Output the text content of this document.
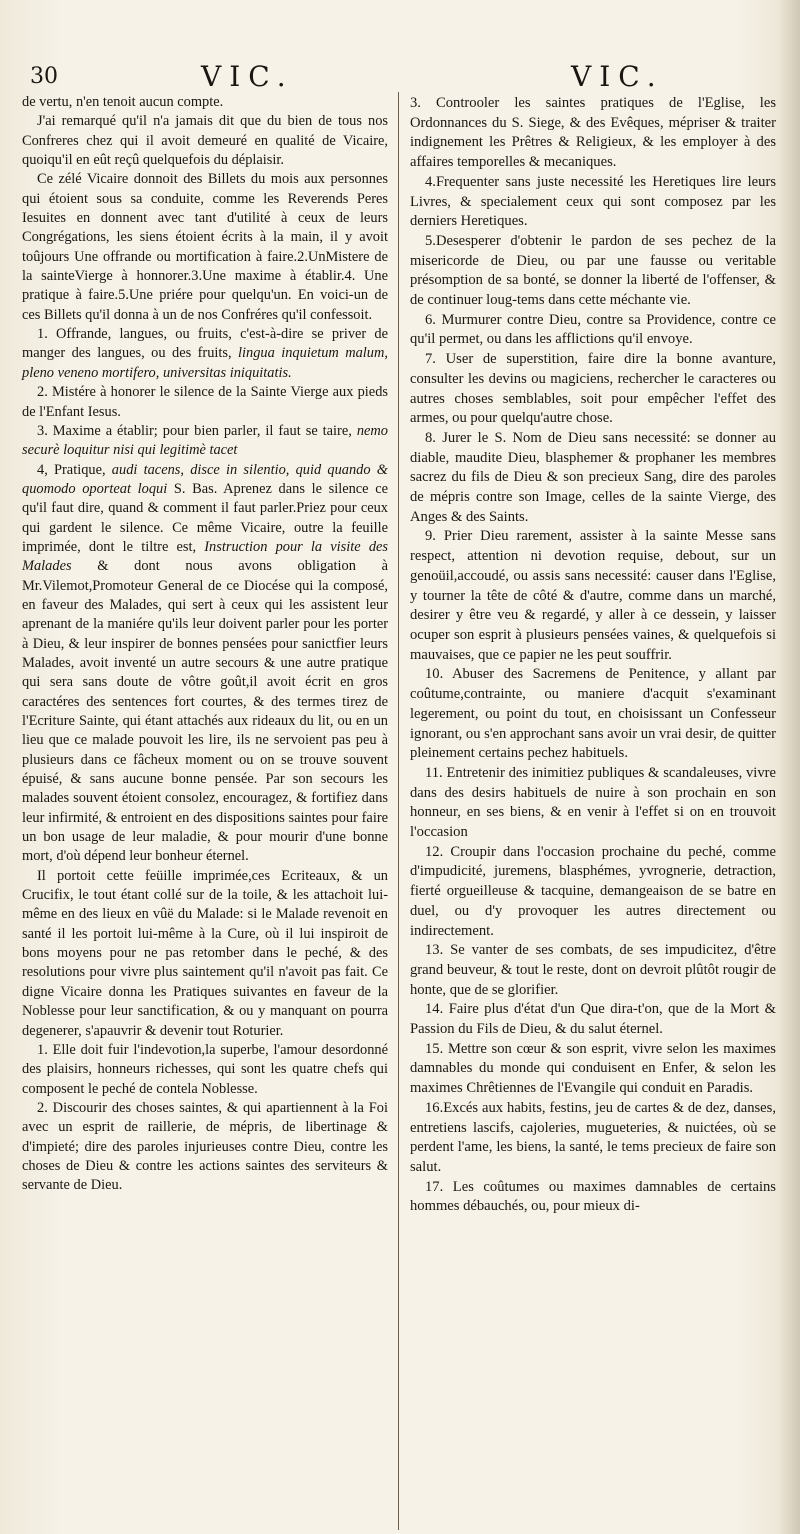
30	VIC.	VIC.

de vertu, n'en tenoit aucun compte.

J'ai remarqué qu'il n'a jamais dit que du bien de tous nos Confreres chez qui il avoit demeuré en qualité de Vicaire, quoiqu'il en eût reçû quelquefois du déplaisir.

Ce zélé Vicaire donnoit des Billets du mois aux personnes qui étoient sous sa conduite, comme les Reverends Peres Iesuites en donnent avec tant d'utilité à ceux de leurs Congrégations, les siens étoient écrits à la main, il y avoit toûjours Une offrande ou mortification à faire.2.UnMistere de la sainteVierge à honnorer.3.Une maxime à établir.4. Une pratique à faire.5.Une priére pour quelqu'un. En voici-un de ces Billets qu'il donna à un de nos Confréres qu'il confessoit.

1. Offrande, langues, ou fruits, c'est-à-dire se priver de manger des langues, ou des fruits, lingua inquietum malum, pleno veneno mortifero, universitas iniquitatis.

2. Mistére à honorer le silence de la Sainte Vierge aux pieds de l'Enfant Iesus.

3. Maxime a établir; pour bien parler, il faut se taire, nemo securè loquitur nisi qui legitimè tacet

4, Pratique, audi tacens, disce in silentio, quid quando & quomodo oporteat loqui S. Bas. Aprenez dans le silence ce qu'il faut dire, quand & comment il faut parler.Priez pour ceux qui gardent le silence. Ce même Vicaire, outre la feuille imprimée, dont le tiltre est, Instruction pour la visite des Malades & dont nous avons obligation à Mr.Vilemot,Promoteur General de ce Diocése qui la composé, en faveur des Malades, qui sert à ceux qui les assistent leur aprenant de la maniére qu'ils leur doivent parler pour les porter à Dieu, & leur inspirer de bonnes pensées pour sanictfier leurs Malades, avoit inventé un autre secours & une autre pratique qui sera sans doute de vôtre goût,il avoit écrit en gros caractéres des sentences fort courtes, & des termes tirez de l'Ecriture Sainte, qui étant attachés aux rideaux du lit, ou en un lieu que ce malade pouvoit les lire, ils ne servoient pas peu à plusieurs dans ce fâcheux moment ou on se trouve souvent épuisé, & sans aucune bonne pensée. Par son secours les malades souvent étoient consolez, encouragez, & fortifiez dans leur infirmité, & entroient en des dispositions saintes pour faire un bon usage de leur maladie, & pour mourir d'une bonne mort, d'où dépend leur bonheur éternel.

Il portoit cette feüille imprimée,ces Ecriteaux, & un Crucifix, le tout étant collé sur de la toile, & les attachoit lui-même en des lieux en vûë du Malade: si le Malade revenoit en santé il les portoit lui-même à la Cure, où il lui inspiroit de bons moyens pour ne pas retomber dans le peché, & des resolutions pour vivre plus saintement qu'il n'avoit pas fait. Ce digne Vicaire donna les Pratiques suivantes en faveur de la Noblesse pour leur sanctification, & ou y manquant on pourra degenerer, s'apauvrir & devenir tout Roturier.

1. Elle doit fuir l'indevotion,la superbe, l'amour desordonné des plaisirs, honneurs richesses, qui sont les quatre chefs qui composent le peché de contela Noblesse.

2. Discourir des choses saintes, & qui apartiennent à la Foi avec un esprit de raillerie, de mépris, de libertinage & d'impieté; dire des paroles injurieuses contre Dieu, contre les choses de Dieu & contre les actions saintes des serviteurs & servante de Dieu.

3. Controoler les saintes pratiques de l'Eglise, les Ordonnances du S. Siege, & des Evêques, mépriser & traiter indignement les Prêtres & Religieux, & les employer à des affaires temporelles & mecaniques.

4.Frequenter sans juste necessité les Heretiques lire leurs Livres, & specialement ceux qui sont composez par les derniers Heretiques.

5.Desesperer d'obtenir le pardon de ses pechez de la misericorde de Dieu, ou par une fausse ou veritable présomption de sa bonté, se donner la liberté de l'offenser, & de continuer loug-tems dans cette méchante vie.

6. Murmurer contre Dieu, contre sa Providence, contre ce qu'il permet, ou dans les afflictions qu'il envoye.

7. User de superstition, faire dire la bonne avanture, consulter les devins ou magiciens, rechercher le caracteres ou autres choses semblables, soit pour empêcher l'effet des armes, ou pour quelqu'autre chose.

8. Jurer le S. Nom de Dieu sans necessité: se donner au diable, maudite Dieu, blasphemer & prophaner les membres sacrez du fils de Dieu & son precieux Sang, dire des paroles de mépris contre son Image, celles de la sainte Vierge, des Anges & des Saints.

9. Prier Dieu rarement, assister à la sainte Messe sans respect, attention ni devotion requise, debout, sur un genoüil,accoudé, ou assis sans necessité: causer dans l'Eglise, y tourner la tête de côté & d'autre, comme dans un marché, desirer y être veu & regardé, y aller à ce dessein, y laisser ocuper son esprit à plusieurs pensées vaines, & quelquefois si mauvaises, que ce papier ne les peut souffrir.

10. Abuser des Sacremens de Penitence, y allant par coûtume,contrainte, ou maniere d'acquit s'examinant legerement, ou point du tout, en choisissant un Confesseur ignorant, ou s'en approchant sans avoir un vrai desir, de quitter pleinement certains pechez habituels.

11. Entretenir des inimitiez publiques & scandaleuses, vivre dans des desirs habituels de nuire à son prochain en son honneur, en ses biens, & en venir à l'effet si on en trouvoit l'occasion

12. Croupir dans l'occasion prochaine du peché, comme d'impudicité, juremens, blasphémes, yvrognerie, detraction, fierté orgueilleuse & tacquine, demangeaison de se batre en duel, ou d'y provoquer les autres directement ou indirectement.

13. Se vanter de ses combats, de ses impudicitez, d'être grand beuveur, & tout le reste, dont on devroit plûtôt rougir de honte, que de se glorifier.

14. Faire plus d'état d'un Que dira-t'on, que de la Mort & Passion du Fils de Dieu, & du salut éternel.

15. Mettre son cœur & son esprit, vivre selon les maximes damnables du monde qui conduisent en Enfer, & selon les maximes Chrêtiennes de l'Evangile qui conduit en Paradis.

16.Excés aux habits, festins, jeu de cartes & de dez, danses, entretiens lascifs, cajoleries, mugueteries, & nuictées, où se perdent l'ame, les biens, la santé, le tems precieux de faire son salut.

17. Les coûtumes ou maximes damnables de certains hommes débauchés, ou, pour mieux di-
